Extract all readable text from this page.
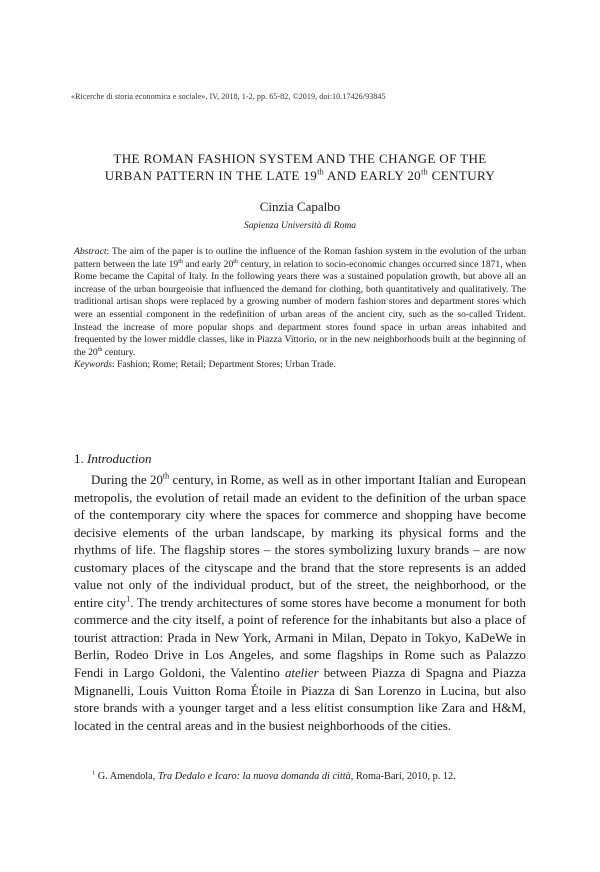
«Ricerche di storia economica e sociale», IV, 2018, 1-2, pp. 65-82, ©2019, doi:10.17426/93845
THE ROMAN FASHION SYSTEM AND THE CHANGE OF THE
URBAN PATTERN IN THE LATE 19th AND EARLY 20th CENTURY
Cinzia Capalbo
Sapienza Università di Roma

Abstract: The aim of the paper is to outline the influence of the Roman fashion system in the evolution of the urban pattern between the late 19th and early 20th century, in relation to socio-economic changes occurred since 1871, when Rome became the Capital of Italy. In the following years there was a sustained population growth, but above all an increase of the urban bourgeoisie that influenced the demand for clothing, both quantitatively and qualitatively. The traditional artisan shops were replaced by a growing number of modern fashion stores and department stores which were an essential component in the redefinition of urban areas of the ancient city, such as the so-called Trident. Instead the increase of more popular shops and department stores found space in urban areas inhabited and frequented by the lower middle classes, like in Piazza Vittorio, or in the new neighborhoods built at the beginning of the 20th century.

Keywords: Fashion; Rome; Retail; Department Stores; Urban Trade.

1. Introduction

During the 20th century, in Rome, as well as in other important Italian and European metropolis, the evolution of retail made an evident to the definition of the urban space of the contemporary city where the spaces for commerce and shopping have become decisive elements of the urban landscape, by marking its physical forms and the rhythms of life. The flagship stores – the stores symbolizing luxury brands – are now customary places of the cityscape and the brand that the store represents is an added value not only of the individual product, but of the street, the neighborhood, or the entire city$^1$. The trendy architectures of some stores have become a monument for both commerce and the city itself, a point of reference for the inhabitants but also a place of tourist attraction: Prada in New York, Armani in Milan, Depato in Tokyo, KaDeWe in Berlin, Rodeo Drive in Los Angeles, and some flagships in Rome such as Palazzo Fendi in Largo Goldoni, the Valentino atelier between Piazza di Spagna and Piazza Mignanelli, Louis Vuitton Roma Étoile in Piazza di San Lorenzo in Lucina, but also store brands with a younger target and a less elitist consumption like Zara and H&M, located in the central areas and in the busiest neighborhoods of the cities.

$^1$ G. Amendola, Tra Dedalo e Icaro: la nuova domanda di città, Roma-Bari, 2010, p. 12.
